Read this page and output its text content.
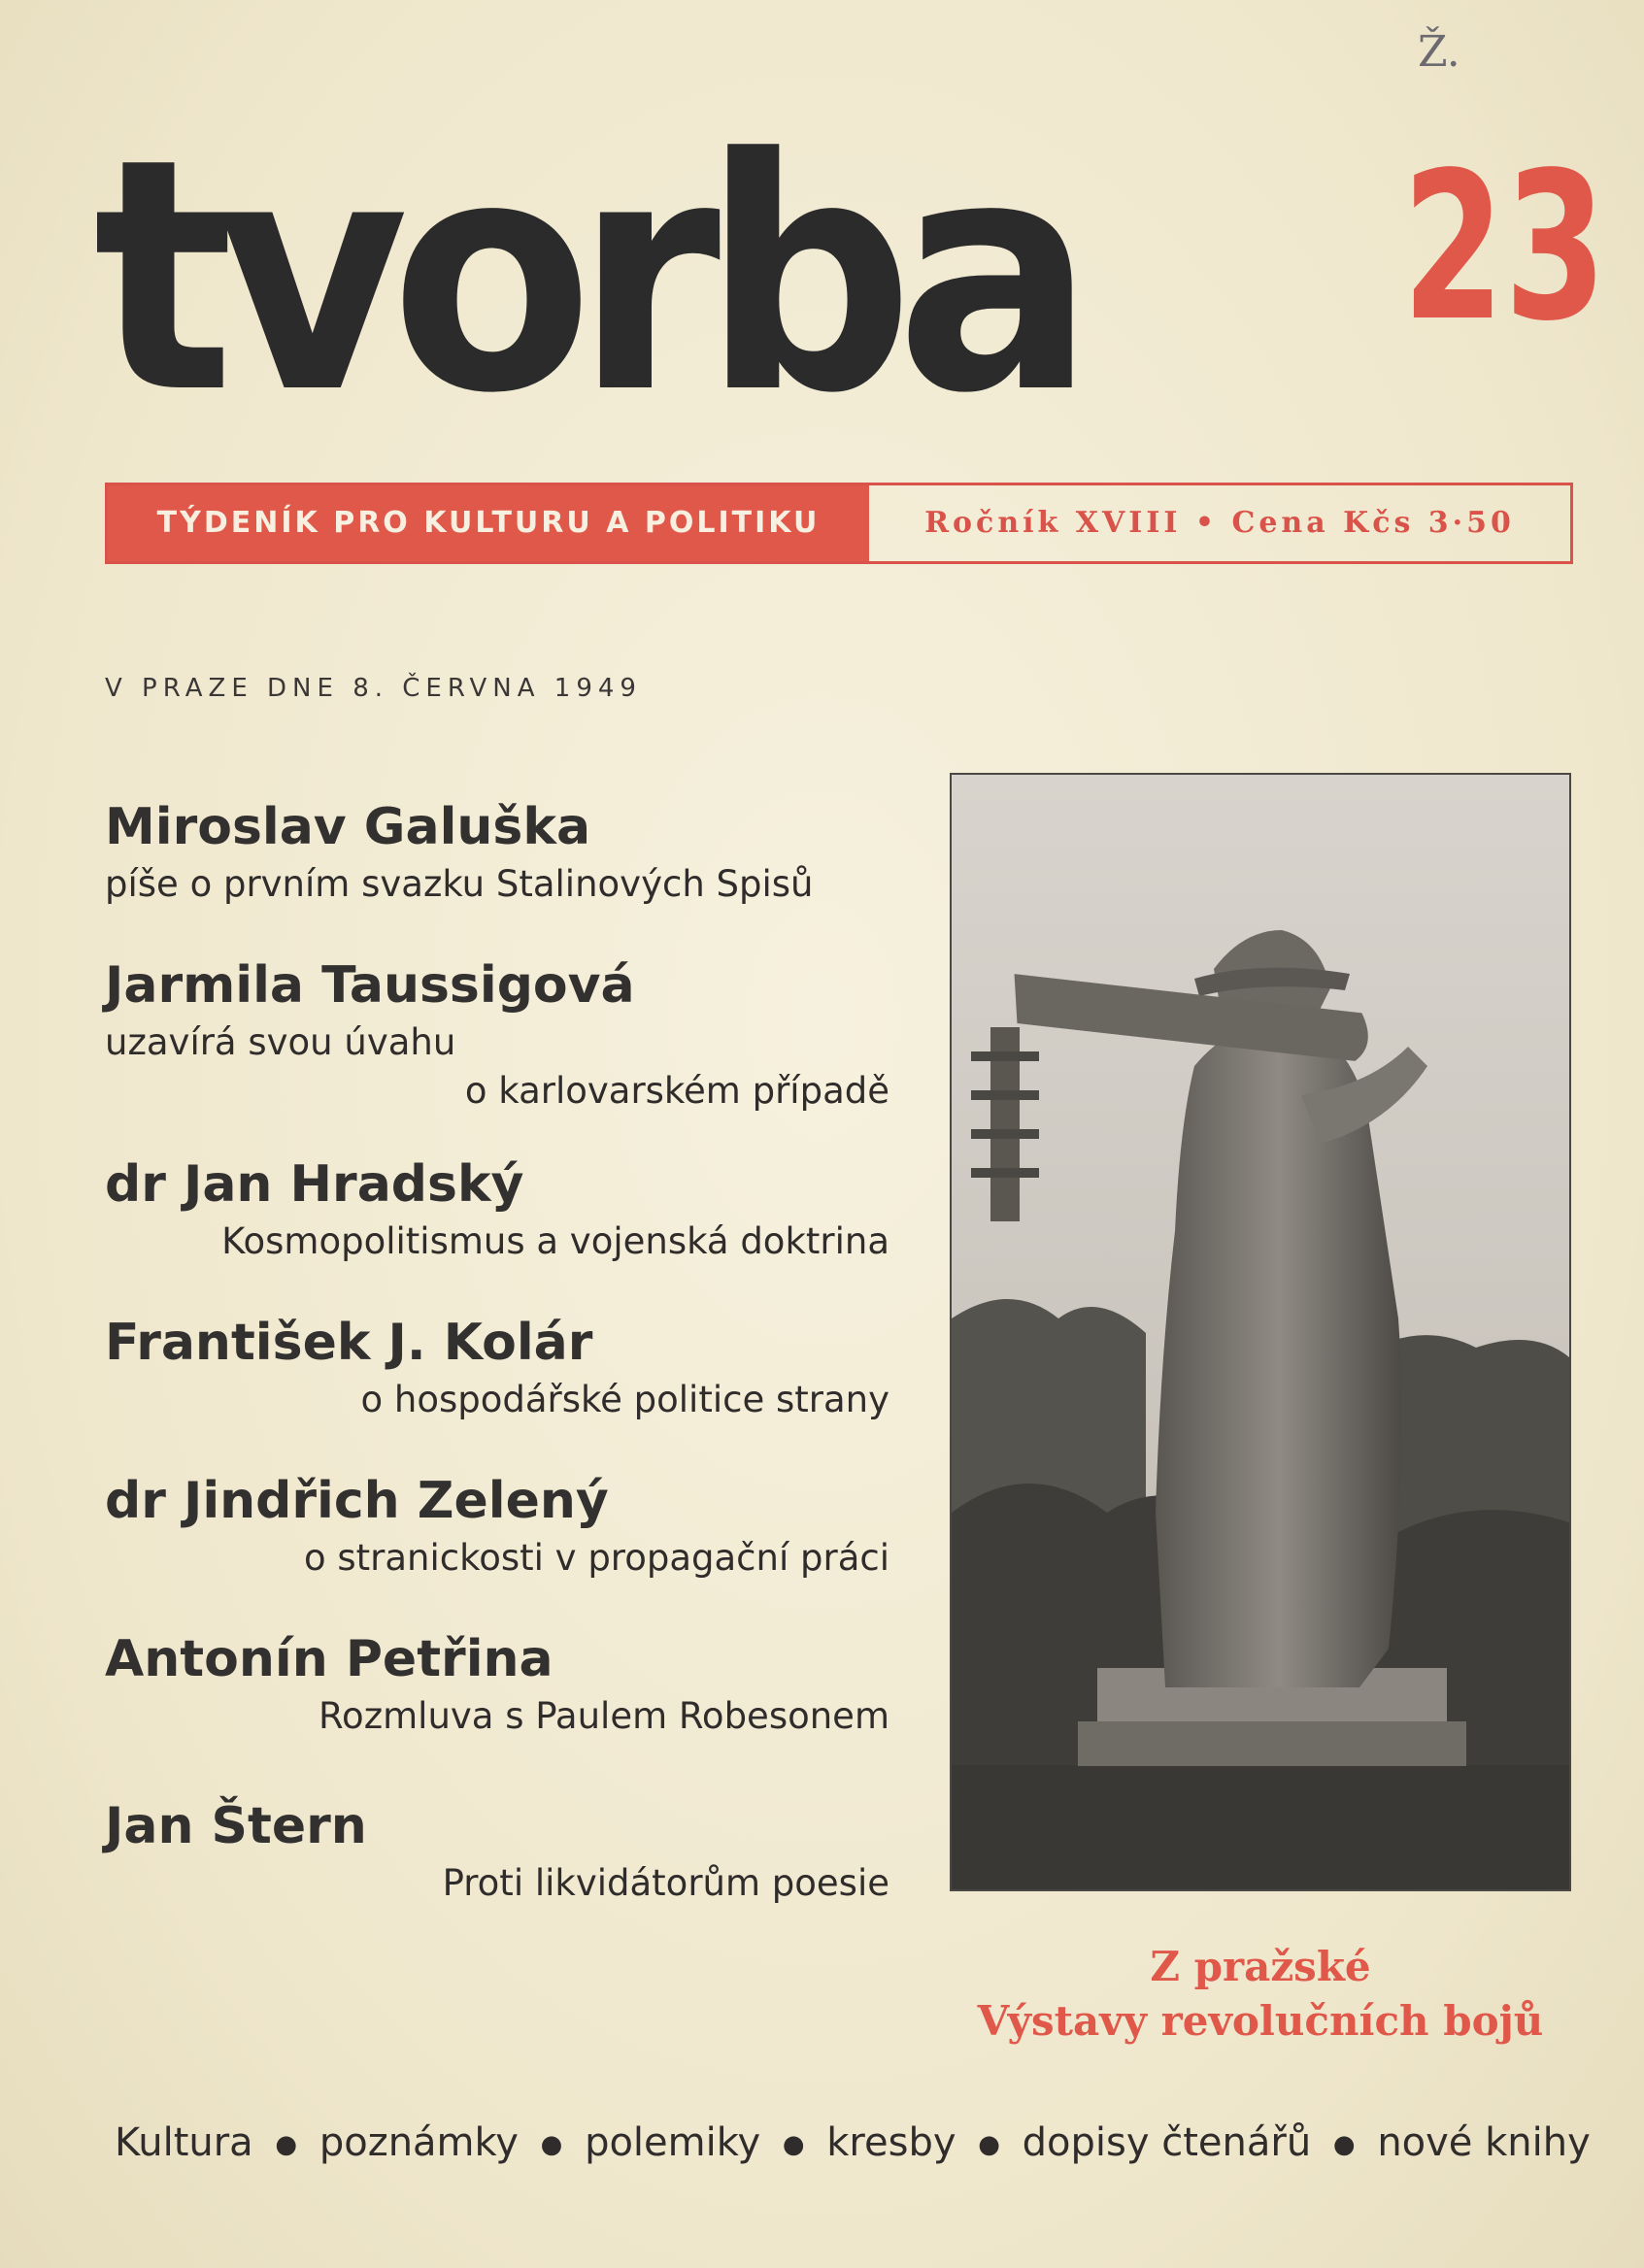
Ž.
tvorba 23
TÝDENÍK PRO KULTURU A POLITIKU	Ročník XVIII • Cena Kčs 3·50
V PRAZE DNE 8. ČERVNA 1949
Miroslav Galuška
píše o prvním svazku Stalinových Spisů
Jarmila Taussigová
uzavírá svou úvahu
o karlovarském případě
dr Jan Hradský
Kosmopolitismus a vojenská doktrina
František J. Kolár
o hospodářské politice strany
dr Jindřich Zelený
o stranickosti v propagační práci
Antonín Petřina
Rozmluva s Paulem Robesonem
Jan Štern
Proti likvidátorům poesie
Z pražské
Výstavy revolučních bojů
Kultura ● poznámky ● polemiky ● kresby ● dopisy čtenářů ● nové knihy
